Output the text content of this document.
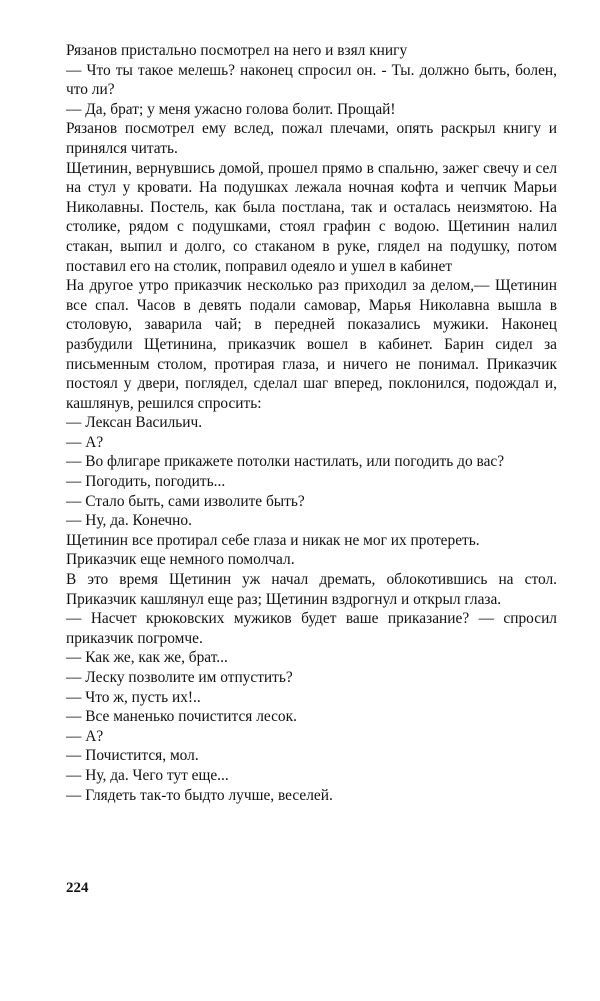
Рязанов пристально посмотрел на него и взял книгу

— Что ты такое мелешь? наконец спросил он. - Ты. должно быть, болен, что ли?

— Да, брат; у меня ужасно голова болит. Прощай!

Рязанов посмотрел ему вслед, пожал плечами, опять раскрыл книгу и принялся читать.

Щетинин, вернувшись домой, прошел прямо в спальню, зажег свечу и сел на стул у кровати. На подушках лежала ночная кофта и чепчик Марьи Николавны. Постель, как была постлана, так и осталась неизмятою. На столике, рядом с подушками, стоял графин с водою. Щетинин налил стакан, выпил и долго, со стаканом в руке, глядел на подушку, потом поставил его на столик, поправил одеяло и ушел в кабинет

На другое утро приказчик несколько раз приходил за делом,— Щетинин все спал. Часов в девять подали самовар, Марья Николавна вышла в столовую, заварила чай; в передней показались мужики. Наконец разбудили Щетинина, приказчик вошел в кабинет. Барин сидел за письменным столом, протирая глаза, и ничего не понимал. Приказчик постоял у двери, поглядел, сделал шаг вперед, поклонился, подождал и, кашлянув, решился спросить:

— Лексан Васильич.

— А?

— Во флигаре прикажете потолки настилать, или погодить до вас?

— Погодить, погодить...

— Стало быть, сами изволите быть?

— Ну, да. Конечно.

Щетинин все протирал себе глаза и никак не мог их протереть.

Приказчик еще немного помолчал.

В это время Щетинин уж начал дремать, облокотившись на стол. Приказчик кашлянул еще раз; Щетинин вздрогнул и открыл глаза.

— Насчет крюковских мужиков будет ваше приказание? — спросил приказчик погромче.

— Как же, как же, брат...

— Леску позволите им отпустить?

— Что ж, пусть их!..

— Все маненько почистится лесок.

— А?

— Почистится, мол.

— Ну, да. Чего тут еще...

— Глядеть так-то быдто лучше, веселей.

224
